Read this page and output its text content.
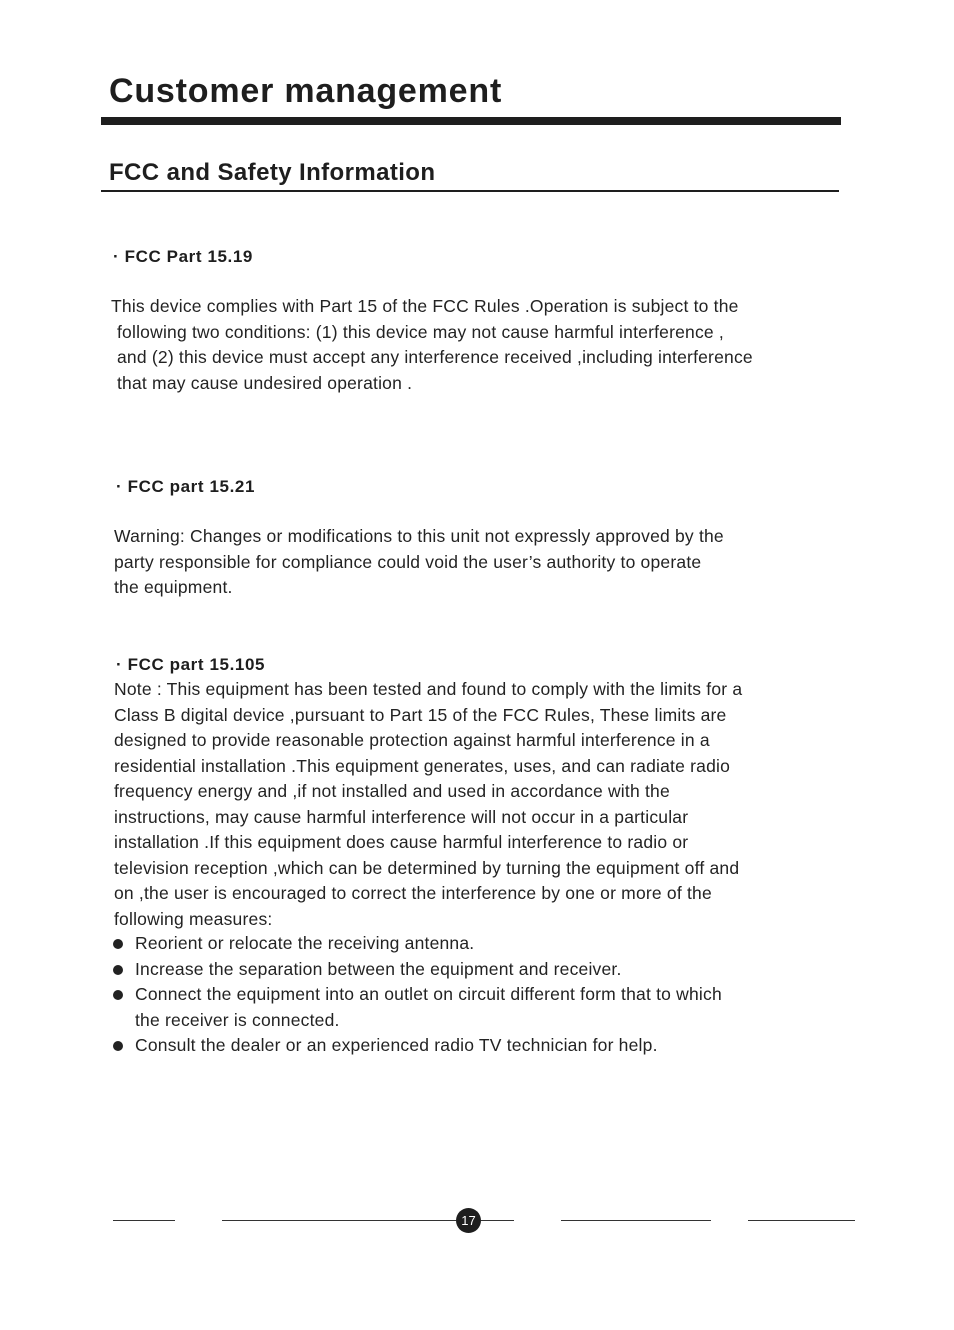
Customer management
FCC and Safety Information
· FCC Part 15.19
This device complies with Part 15 of the FCC Rules .Operation is subject to the
following two conditions: (1) this device may not cause harmful interference ,
and (2) this device must accept any interference received ,including interference
that may cause undesired operation .
· FCC part 15.21
Warning: Changes or modifications to this unit not expressly approved by the
party responsible for compliance could void the user’s authority to operate
the equipment.
· FCC part 15.105
Note : This equipment has been tested and found to comply with the limits for a
Class B digital device ,pursuant to Part 15 of the FCC Rules, These limits are
designed to provide reasonable protection against harmful interference in a
residential installation .This equipment generates, uses, and can radiate radio
frequency energy and ,if not installed and used in accordance with the
instructions, may cause harmful interference will not occur in a particular
installation .If this equipment does cause harmful interference to radio or
television reception ,which can be determined by turning the equipment off and
on ,the user is encouraged to correct the interference by one or more of the
following measures:
Reorient or relocate the receiving antenna.
Increase the separation between the equipment and receiver.
Connect the equipment into an outlet on circuit different form that to which
the receiver is connected.
Consult the dealer or an experienced radio TV technician for help.
17
